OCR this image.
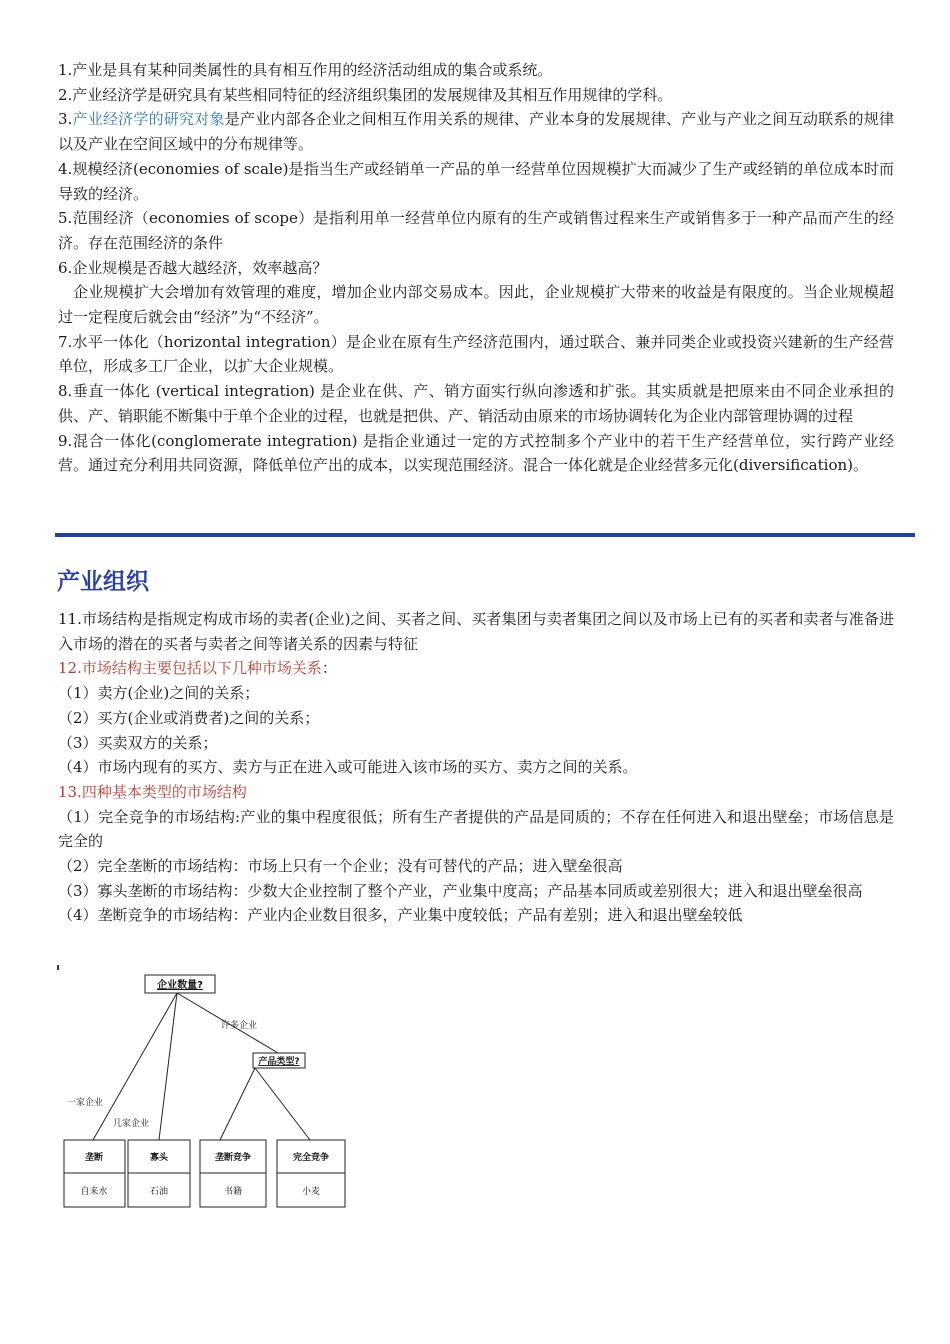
1.产业是具有某种同类属性的具有相互作用的经济活动组成的集合或系统。

2.产业经济学是研究具有某些相同特征的经济组织集团的发展规律及其相互作用规律的学科。

3.产业经济学的研究对象是产业内部各企业之间相互作用关系的规律、产业本身的发展规律、产业与产业之间互动联系的规律以及产业在空间区域中的分布规律等。

4.规模经济(economies of scale)是指当生产或经销单一产品的单一经营单位因规模扩大而减少了生产或经销的单位成本时而导致的经济。

5.范围经济（economies of scope）是指利用单一经营单位内原有的生产或销售过程来生产或销售多于一种产品而产生的经济。存在范围经济的条件

6.企业规模是否越大越经济，效率越高？

企业规模扩大会增加有效管理的难度，增加企业内部交易成本。因此，企业规模扩大带来的收益是有限度的。当企业规模超过一定程度后就会由“经济”为“不经济”。

7.水平一体化（horizontal integration）是企业在原有生产经济范围内，通过联合、兼并同类企业或投资兴建新的生产经营单位，形成多工厂企业，以扩大企业规模。

8.垂直一体化 (vertical integration) 是企业在供、产、销方面实行纵向渗透和扩张。其实质就是把原来由不同企业承担的供、产、销职能不断集中于单个企业的过程，也就是把供、产、销活动由原来的市场协调转化为企业内部管理协调的过程

9.混合一体化(conglomerate integration) 是指企业通过一定的方式控制多个产业中的若干生产经营单位，实行跨产业经营。通过充分利用共同资源，降低单位产出的成本，以实现范围经济。混合一体化就是企业经营多元化(diversification)。

产业组织

11.市场结构是指规定构成市场的卖者(企业)之间、买者之间、买者集团与卖者集团之间以及市场上已有的买者和卖者与准备进入市场的潜在的买者与卖者之间等诸关系的因素与特征

12.市场结构主要包括以下几种市场关系：

（1）卖方(企业)之间的关系；

（2）买方(企业或消费者)之间的关系；

（3）买卖双方的关系；

（4）市场内现有的买方、卖方与正在进入或可能进入该市场的买方、卖方之间的关系。

13.四种基本类型的市场结构

（1）完全竞争的市场结构:产业的集中程度很低；所有生产者提供的产品是同质的；不存在任何进入和退出壁垒；市场信息是完全的

（2）完全垄断的市场结构：市场上只有一个企业；没有可替代的产品；进入壁垒很高

（3）寡头垄断的市场结构：少数大企业控制了整个产业，产业集中度高；产品基本同质或差别很大；进入和退出壁垒很高

（4）垄断竞争的市场结构：产业内企业数目很多，产业集中度较低；产品有差别；进入和退出壁垒较低

企业数量?
产品类型?
许多企业
一家企业
几家企业
垄断
自来水
寡头
石油
垄断竞争
书籍
完全竞争
小麦
